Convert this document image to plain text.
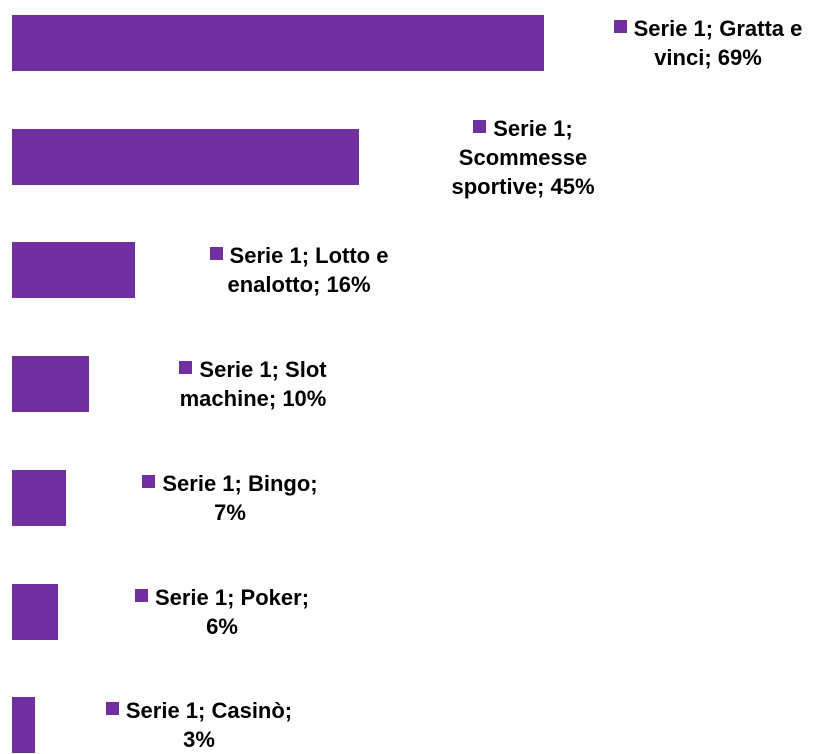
Serie 1; Gratta e
vinci; 69%
Serie 1;
Scommesse
sportive; 45%
Serie 1; Lotto e
enalotto; 16%
Serie 1; Slot
machine; 10%
Serie 1; Bingo;
7%
Serie 1; Poker;
6%
Serie 1; Casinò;
3%
